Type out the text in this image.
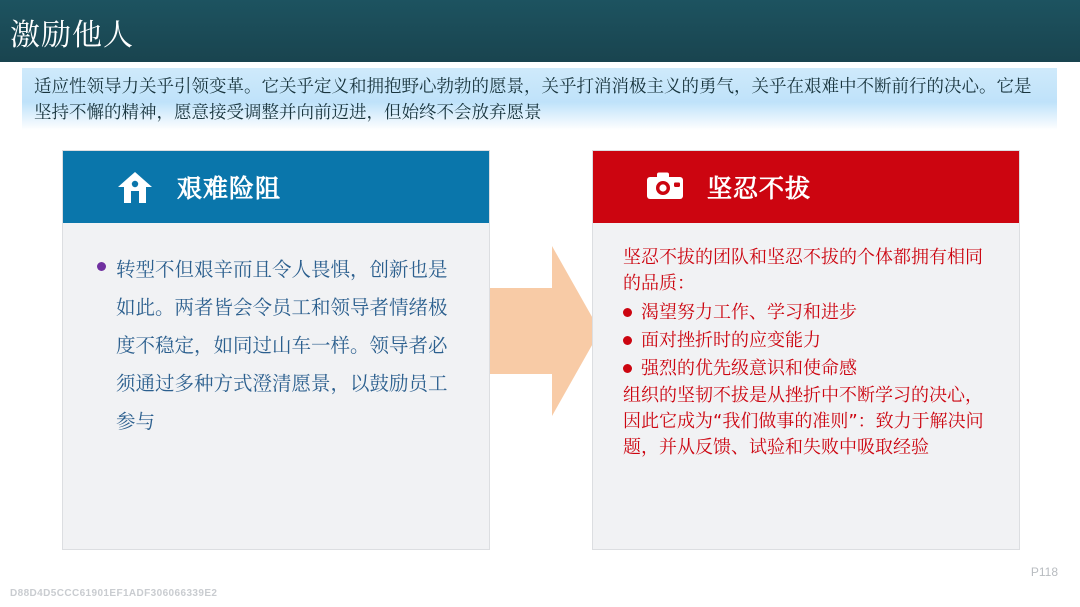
激励他人
适应性领导力关乎引领变革。它关乎定义和拥抱野心勃勃的愿景，关乎打消消极主义的勇气，关乎在艰难中不断前行的决心。它是坚持不懈的精神，愿意接受调整并向前迈进，但始终不会放弃愿景
艰难险阻
转型不但艰辛而且令人畏惧，创新也是如此。两者皆会令员工和领导者情绪极度不稳定，如同过山车一样。领导者必须通过多种方式澄清愿景，以鼓励员工参与
坚忍不拔
坚忍不拔的团队和坚忍不拔的个体都拥有相同的品质：
渴望努力工作、学习和进步
面对挫折时的应变能力
强烈的优先级意识和使命感
组织的坚韧不拔是从挫折中不断学习的决心，因此它成为“我们做事的准则”：致力于解决问题，并从反馈、试验和失败中吸取经验
D88D4D5CCC61901EF1ADF306066339E2
P118
